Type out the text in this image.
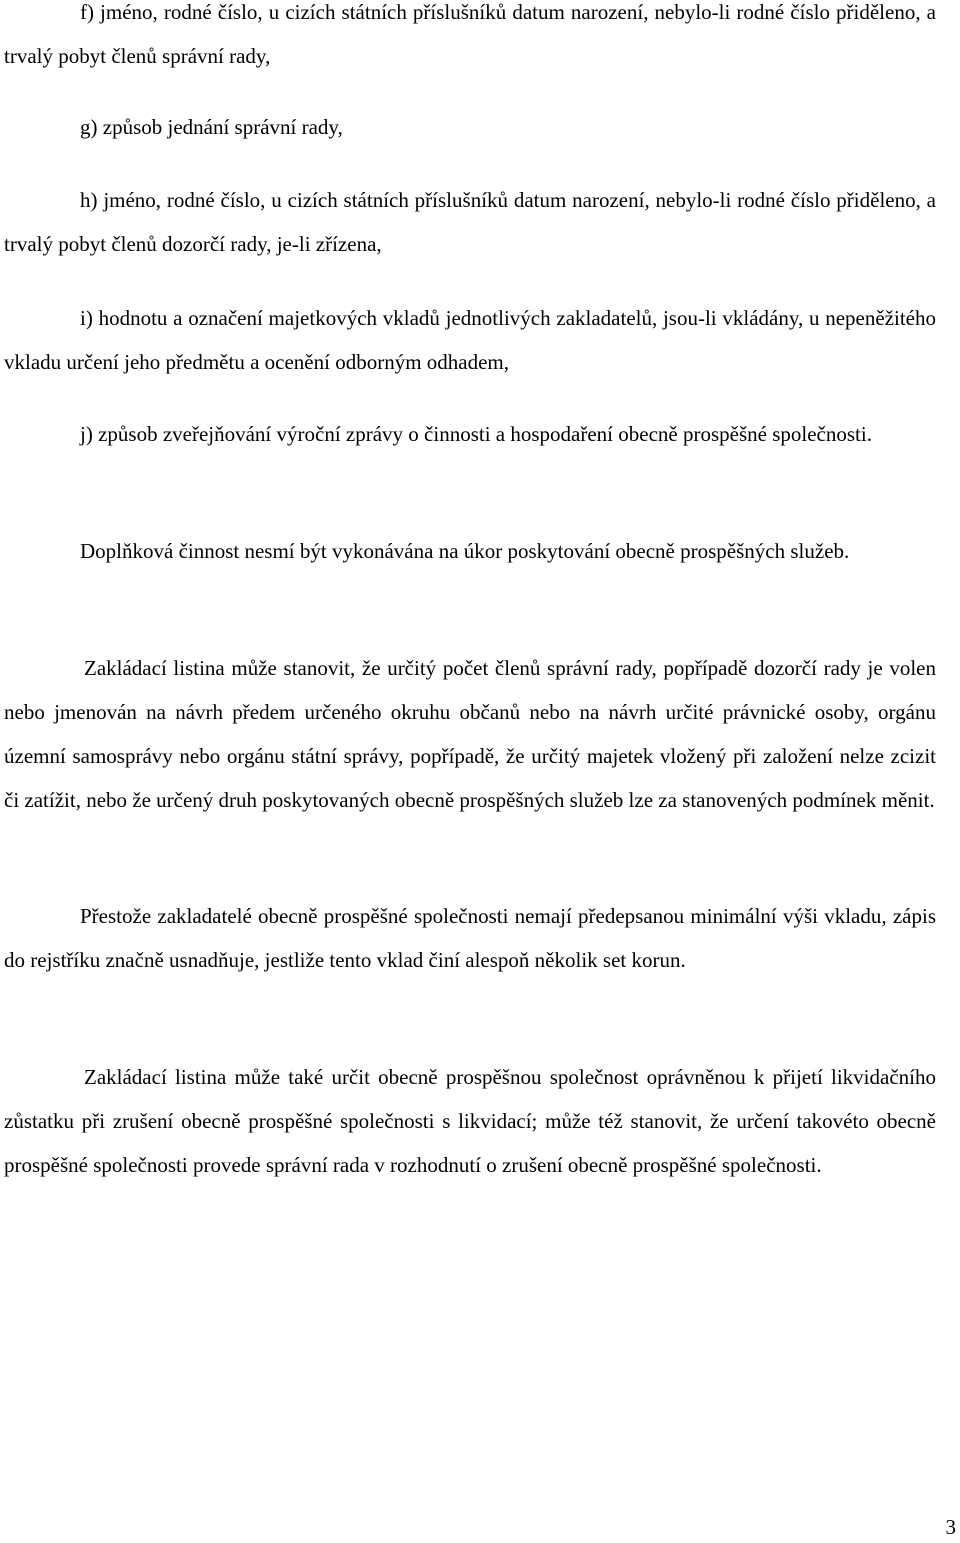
f) jméno, rodné číslo, u cizích státních příslušníků datum narození, nebylo-li rodné číslo přiděleno, a trvalý pobyt členů správní rady,

g) způsob jednání správní rady,

h) jméno, rodné číslo, u cizích státních příslušníků datum narození, nebylo-li rodné číslo přiděleno, a trvalý pobyt členů dozorčí rady, je-li zřízena,

i) hodnotu a označení majetkových vkladů jednotlivých zakladatelů, jsou-li vkládány, u nepeněžitého vkladu určení jeho předmětu a ocenění odborným odhadem,

j) způsob zveřejňování výroční zprávy o činnosti a hospodaření obecně prospěšné společnosti.

Doplňková činnost nesmí být vykonávána na úkor poskytování obecně prospěšných služeb.

Zakládací listina může stanovit, že určitý počet členů správní rady, popřípadě dozorčí rady je volen nebo jmenován na návrh předem určeného okruhu občanů nebo na návrh určité právnické osoby, orgánu územní samosprávy nebo orgánu státní správy, popřípadě, že určitý majetek vložený při založení nelze zcizit či zatížit, nebo že určený druh poskytovaných obecně prospěšných služeb lze za stanovených podmínek měnit.

Přestože zakladatelé obecně prospěšné společnosti nemají předepsanou minimální výši vkladu, zápis do rejstříku značně usnadňuje, jestliže tento vklad činí alespoň několik set korun.

Zakládací listina může také určit obecně prospěšnou společnost oprávněnou k přijetí likvidačního zůstatku při zrušení obecně prospěšné společnosti s likvidací; může též stanovit, že určení takovéto obecně prospěšné společnosti provede správní rada v rozhodnutí o zrušení obecně prospěšné společnosti.

3
